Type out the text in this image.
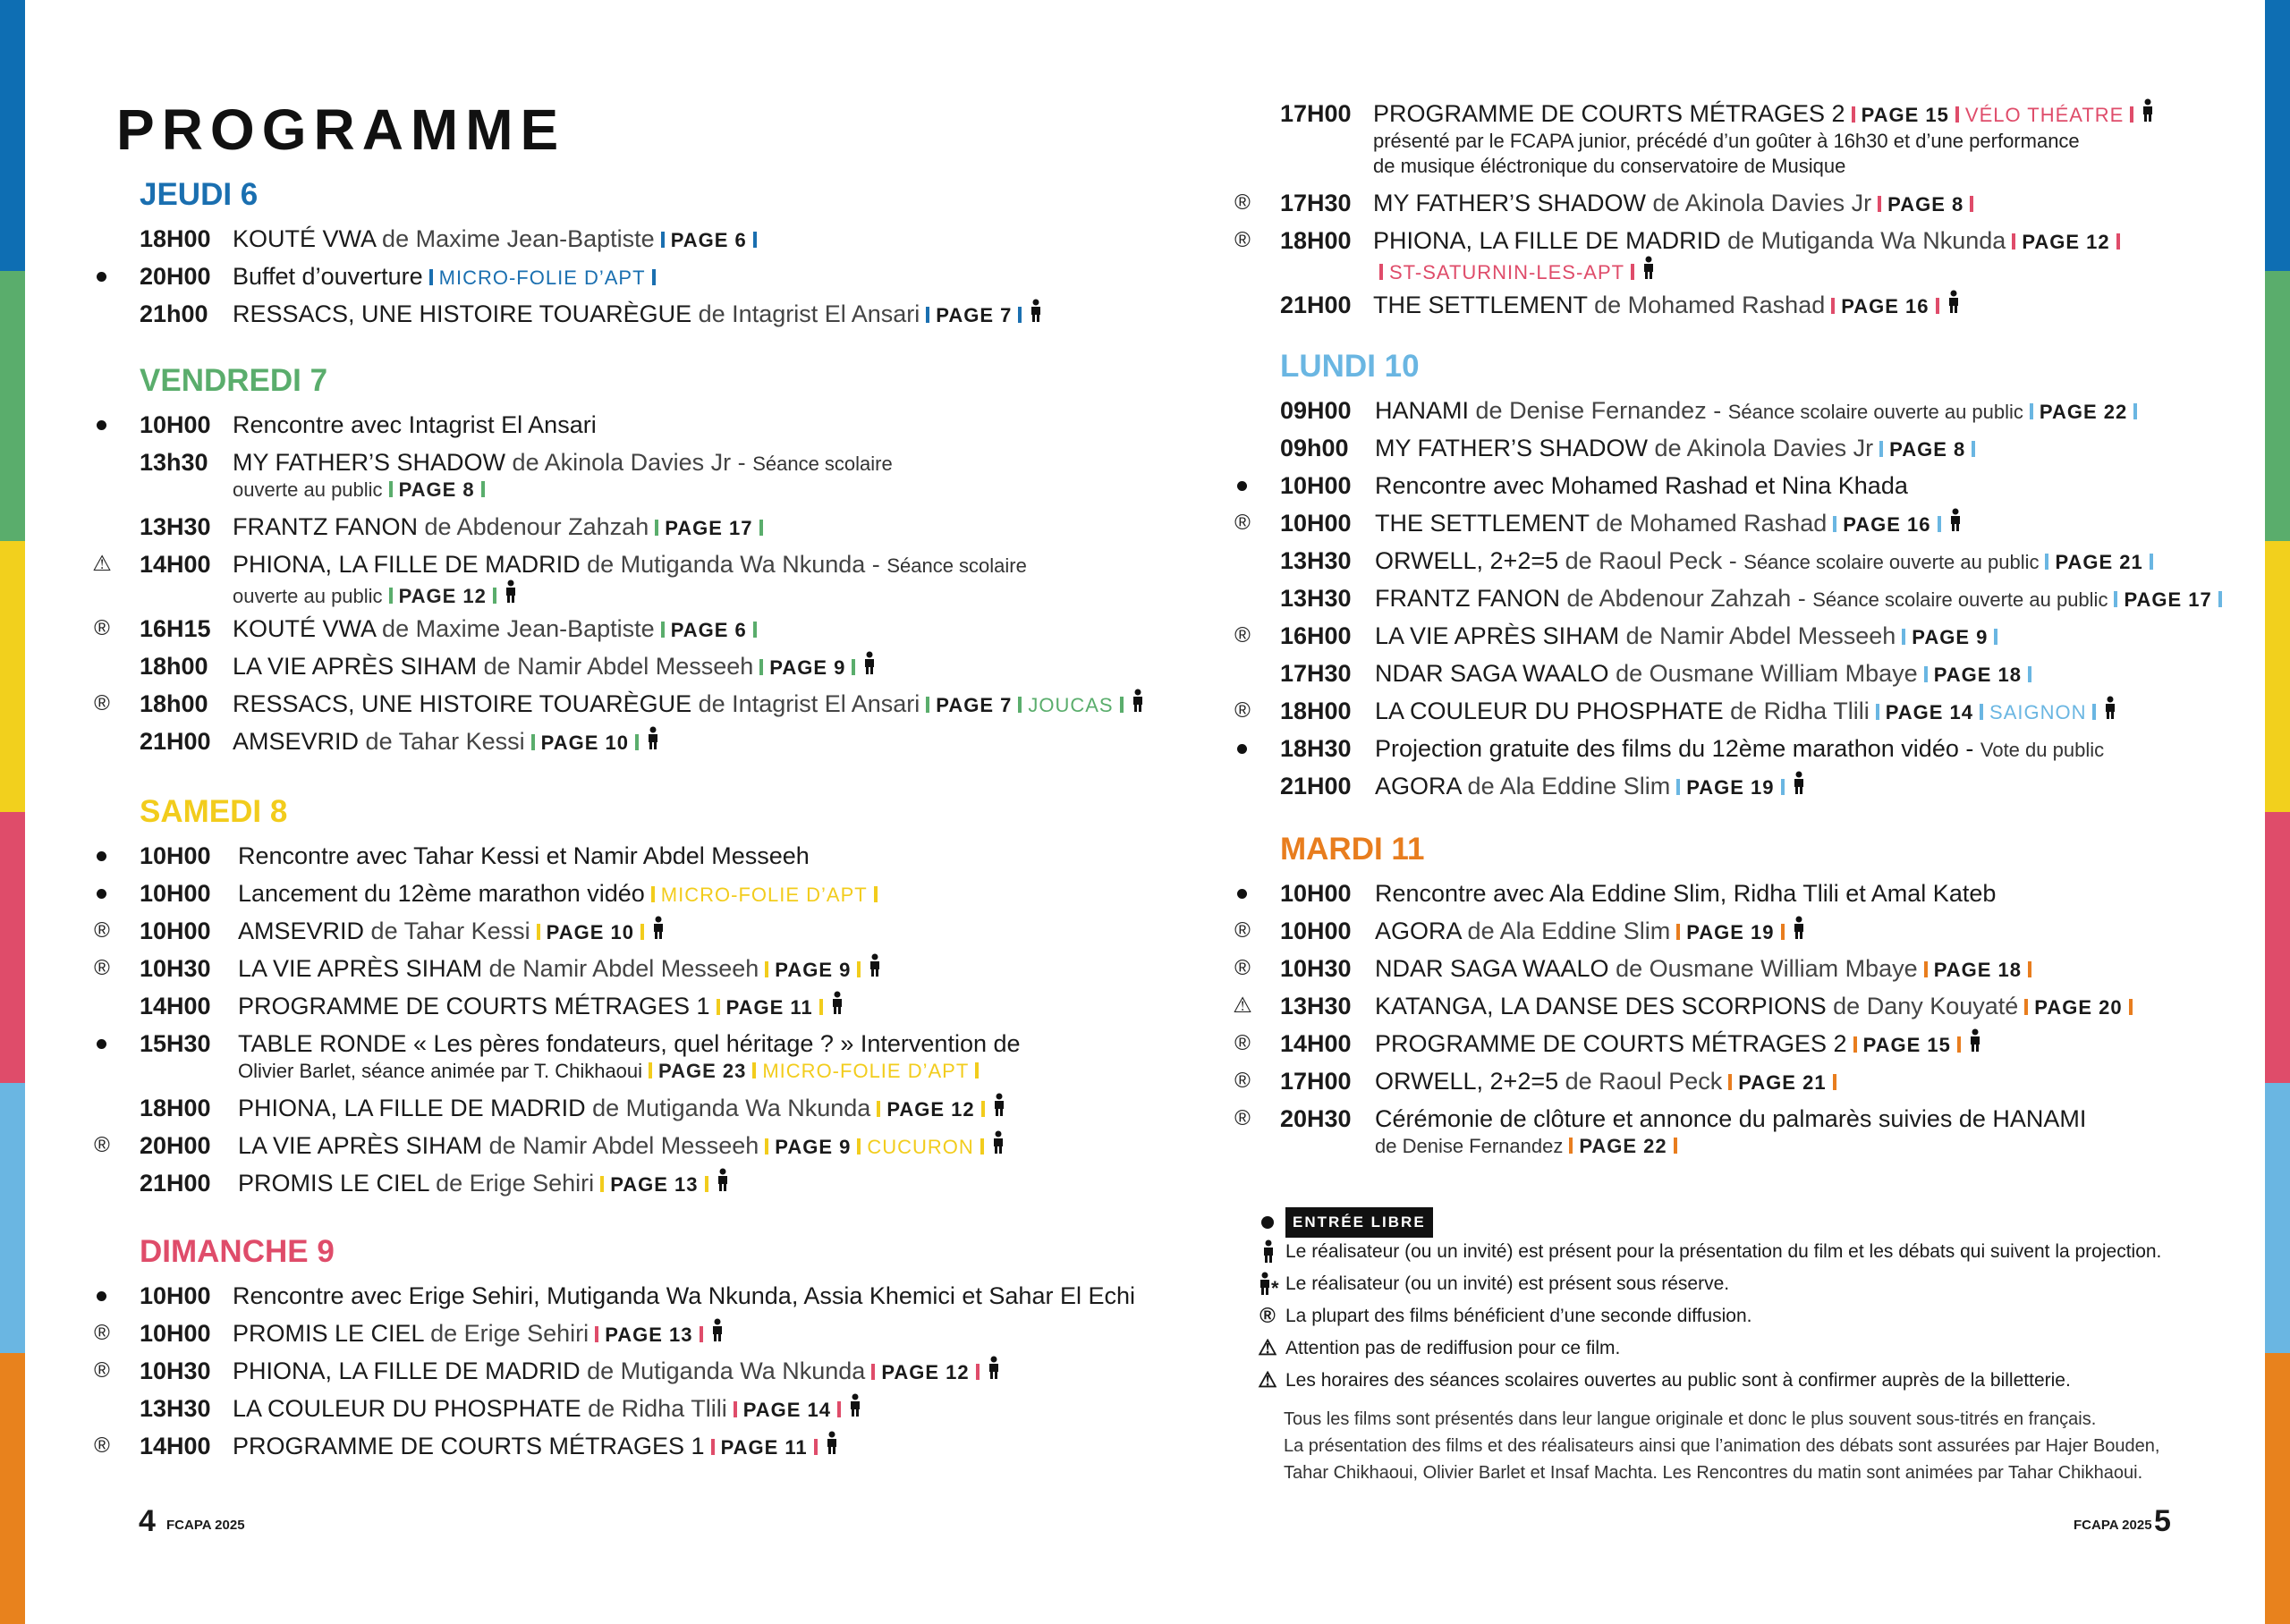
PROGRAMME
JEUDI 6
18H00 KOUTÉ VWA de Maxime Jean-Baptiste PAGE 6
20H00 Buffet d’ouverture MICRO-FOLIE D’APT
21h00 RESSACS, UNE HISTOIRE TOUARÈGUE de Intagrist El Ansari PAGE 7
VENDREDI 7
10H00 Rencontre avec Intagrist El Ansari
13h30 MY FATHER’S SHADOW de Akinola Davies Jr - Séance scolaire
ouverte au public PAGE 8
13H30 FRANTZ FANON de Abdenour Zahzah PAGE 17
⚠ 14H00 PHIONA, LA FILLE DE MADRID de Mutiganda Wa Nkunda - Séance scolaire
ouverte au public PAGE 12
® 16H15 KOUTÉ VWA de Maxime Jean-Baptiste PAGE 6
18h00 LA VIE APRÈS SIHAM de Namir Abdel Messeeh PAGE 9
® 18h00 RESSACS, UNE HISTOIRE TOUARÈGUE de Intagrist El Ansari PAGE 7 JOUCAS
21H00 AMSEVRID de Tahar Kessi PAGE 10
SAMEDI 8
10H00 Rencontre avec Tahar Kessi et Namir Abdel Messeeh
10H00 Lancement du 12ème marathon vidéo MICRO-FOLIE D’APT
® 10H00 AMSEVRID de Tahar Kessi PAGE 10
® 10H30 LA VIE APRÈS SIHAM de Namir Abdel Messeeh PAGE 9
14H00 PROGRAMME DE COURTS MÉTRAGES 1 PAGE 11
15H30 TABLE RONDE « Les pères fondateurs, quel héritage ? » Intervention de
Olivier Barlet, séance animée par T. Chikhaoui PAGE 23 MICRO-FOLIE D’APT
18H00 PHIONA, LA FILLE DE MADRID de Mutiganda Wa Nkunda PAGE 12
® 20H00 LA VIE APRÈS SIHAM de Namir Abdel Messeeh PAGE 9 CUCURON
21H00 PROMIS LE CIEL de Erige Sehiri PAGE 13
DIMANCHE 9
10H00 Rencontre avec Erige Sehiri, Mutiganda Wa Nkunda, Assia Khemici et Sahar El Echi
® 10H00 PROMIS LE CIEL de Erige Sehiri PAGE 13
® 10H30 PHIONA, LA FILLE DE MADRID de Mutiganda Wa Nkunda PAGE 12
13H30 LA COULEUR DU PHOSPHATE de Ridha Tlili PAGE 14
® 14H00 PROGRAMME DE COURTS MÉTRAGES 1 PAGE 11
17H00 PROGRAMME DE COURTS MÉTRAGES 2 PAGE 15 VÉLO THÉATRE
présenté par le FCAPA junior, précédé d’un goûter à 16h30 et d’une performance
de musique éléctronique du conservatoire de Musique
® 17H30 MY FATHER’S SHADOW de Akinola Davies Jr PAGE 8
® 18H00 PHIONA, LA FILLE DE MADRID de Mutiganda Wa Nkunda PAGE 12
ST-SATURNIN-LES-APT
21H00 THE SETTLEMENT de Mohamed Rashad PAGE 16
LUNDI 10
09H00 HANAMI de Denise Fernandez - Séance scolaire ouverte au public PAGE 22
09h00 MY FATHER’S SHADOW de Akinola Davies Jr PAGE 8
10H00 Rencontre avec Mohamed Rashad et Nina Khada
® 10H00 THE SETTLEMENT de Mohamed Rashad PAGE 16
13H30 ORWELL, 2+2=5 de Raoul Peck - Séance scolaire ouverte au public PAGE 21
13H30 FRANTZ FANON de Abdenour Zahzah - Séance scolaire ouverte au public PAGE 17
® 16H00 LA VIE APRÈS SIHAM de Namir Abdel Messeeh PAGE 9
17H30 NDAR SAGA WAALO de Ousmane William Mbaye PAGE 18
® 18H00 LA COULEUR DU PHOSPHATE de Ridha Tlili PAGE 14 SAIGNON
18H30 Projection gratuite des films du 12ème marathon vidéo - Vote du public
21H00 AGORA de Ala Eddine Slim PAGE 19
MARDI 11
10H00 Rencontre avec Ala Eddine Slim, Ridha Tlili et Amal Kateb
® 10H00 AGORA de Ala Eddine Slim PAGE 19
® 10H30 NDAR SAGA WAALO de Ousmane William Mbaye PAGE 18
⚠ 13H30 KATANGA, LA DANSE DES SCORPIONS de Dany Kouyaté PAGE 20
® 14H00 PROGRAMME DE COURTS MÉTRAGES 2 PAGE 15
® 17H00 ORWELL, 2+2=5 de Raoul Peck PAGE 21
® 20H30 Cérémonie de clôture et annonce du palmarès suivies de HANAMI
de Denise Fernandez PAGE 22
ENTRÉE LIBRE
Le réalisateur (ou un invité) est présent pour la présentation du film et les débats qui suivent la projection.
* Le réalisateur (ou un invité) est présent sous réserve.
® La plupart des films bénéficient d’une seconde diffusion.
⚠ Attention pas de rediffusion pour ce film.
⚠ Les horaires des séances scolaires ouvertes au public sont à confirmer auprès de la billetterie.
Tous les films sont présentés dans leur langue originale et donc le plus souvent sous-titrés en français.
La présentation des films et des réalisateurs ainsi que l’animation des débats sont assurées par Hajer Bouden,
Tahar Chikhaoui, Olivier Barlet et Insaf Machta. Les Rencontres du matin sont animées par Tahar Chikhaoui.
4 FCAPA 2025	FCAPA 2025 5
